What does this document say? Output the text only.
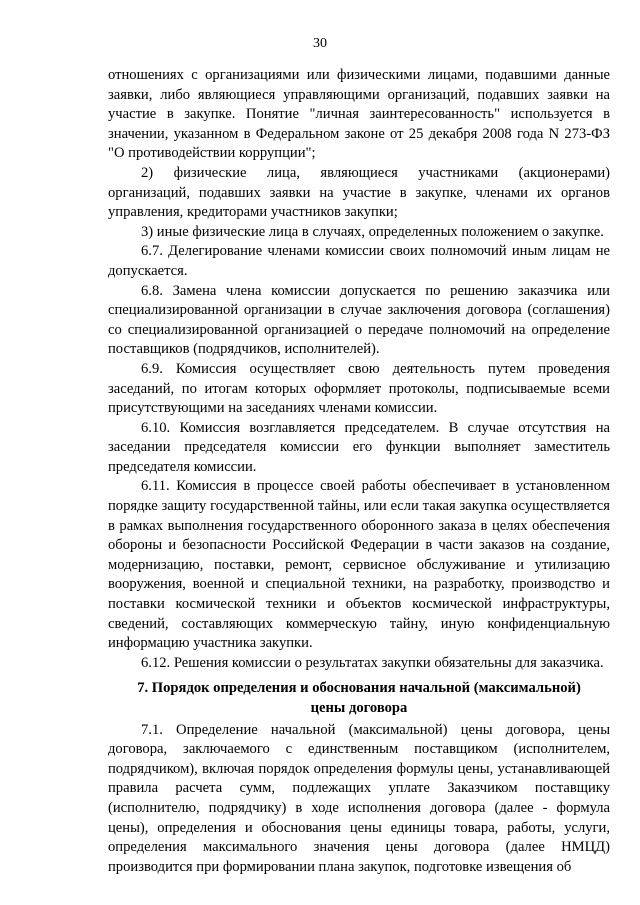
30

отношениях с организациями или физическими лицами, подавшими данные заявки, либо являющиеся управляющими организаций, подавших заявки на участие в закупке. Понятие "личная заинтересованность" используется в значении, указанном в Федеральном законе от 25 декабря 2008 года N 273-ФЗ "О противодействии коррупции";

2) физические лица, являющиеся участниками (акционерами) организаций, подавших заявки на участие в закупке, членами их органов управления, кредиторами участников закупки;

3) иные физические лица в случаях, определенных положением о закупке.

6.7. Делегирование членами комиссии своих полномочий иным лицам не допускается.

6.8. Замена члена комиссии допускается по решению заказчика или специализированной организации в случае заключения договора (соглашения) со специализированной организацией о передаче полномочий на определение поставщиков (подрядчиков, исполнителей).

6.9. Комиссия осуществляет свою деятельность путем проведения заседаний, по итогам которых оформляет протоколы, подписываемые всеми присутствующими на заседаниях членами комиссии.

6.10. Комиссия возглавляется председателем. В случае отсутствия на заседании председателя комиссии его функции выполняет заместитель председателя комиссии.

6.11. Комиссия в процессе своей работы обеспечивает в установленном порядке защиту государственной тайны, или если такая закупка осуществляется в рамках выполнения государственного оборонного заказа в целях обеспечения обороны и безопасности Российской Федерации в части заказов на создание, модернизацию, поставки, ремонт, сервисное обслуживание и утилизацию вооружения, военной и специальной техники, на разработку, производство и поставки космической техники и объектов космической инфраструктуры, сведений, составляющих коммерческую тайну, иную конфиденциальную информацию участника закупки.

6.12. Решения комиссии о результатах закупки обязательны для заказчика.

7. Порядок определения и обоснования начальной (максимальной)
цены договора

7.1. Определение начальной (максимальной) цены договора, цены договора, заключаемого с единственным поставщиком (исполнителем, подрядчиком), включая порядок определения формулы цены, устанавливающей правила расчета сумм, подлежащих уплате Заказчиком поставщику (исполнителю, подрядчику) в ходе исполнения договора (далее - формула цены), определения и обоснования цены единицы товара, работы, услуги, определения максимального значения цены договора (далее НМЦД) производится при формировании плана закупок, подготовке извещения об
